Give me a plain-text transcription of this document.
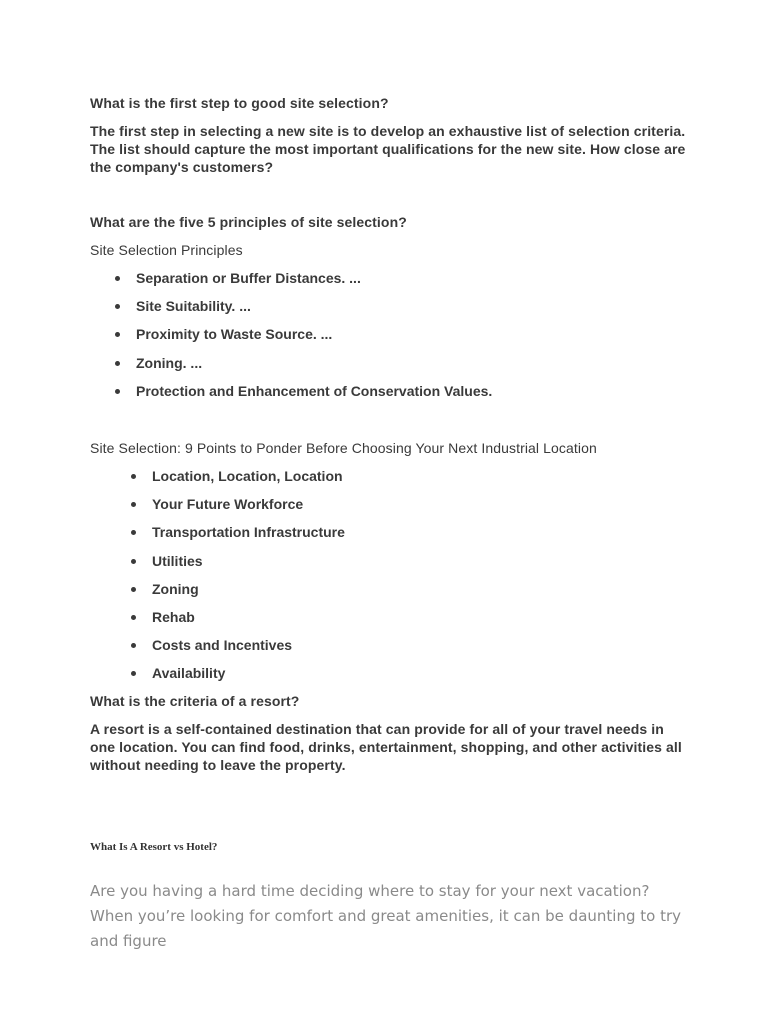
What is the first step to good site selection?

The first step in selecting a new site is to develop an exhaustive list of selection criteria. The list should capture the most important qualifications for the new site. How close are the company's customers?

What are the five 5 principles of site selection?

Site Selection Principles

Separation or Buffer Distances. ...
Site Suitability. ...
Proximity to Waste Source. ...
Zoning. ...
Protection and Enhancement of Conservation Values.

Site Selection: 9 Points to Ponder Before Choosing Your Next Industrial Location

Location, Location, Location
Your Future Workforce
Transportation Infrastructure
Utilities
Zoning
Rehab
Costs and Incentives
Availability

What is the criteria of a resort?

A resort is a self-contained destination that can provide for all of your travel needs in one location. You can find food, drinks, entertainment, shopping, and other activities all without needing to leave the property.

What Is A Resort vs Hotel?

Are you having a hard time deciding where to stay for your next vacation? When you’re looking for comfort and great amenities, it can be daunting to try and figure
